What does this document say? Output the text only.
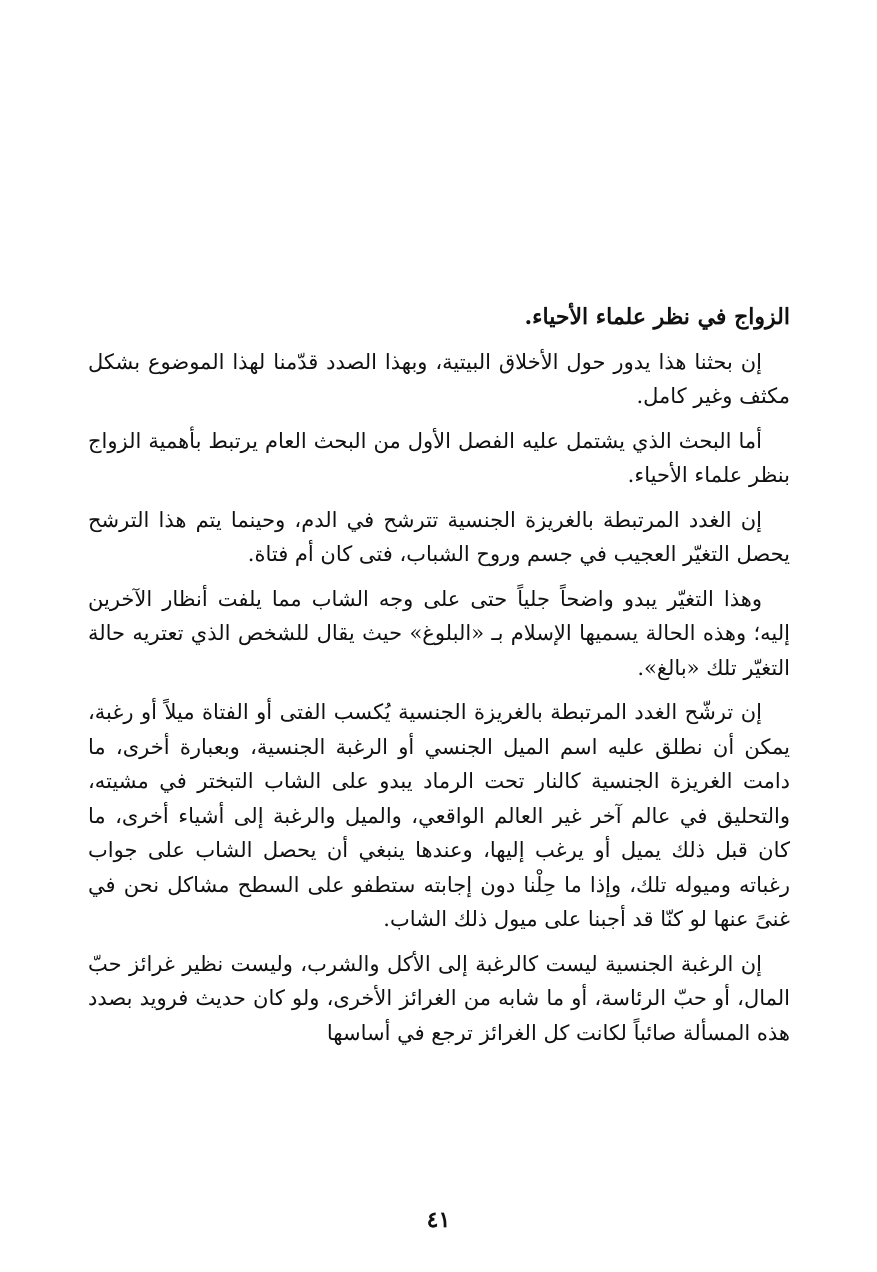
الزواج في نظر علماء الأحياء.

إن بحثنا هذا يدور حول الأخلاق البيتية، وبهذا الصدد قدّمنا لهذا الموضوع بشكل مكثف وغير كامل.

أما البحث الذي يشتمل عليه الفصل الأول من البحث العام يرتبط بأهمية الزواج بنظر علماء الأحياء.

إن الغدد المرتبطة بالغريزة الجنسية تترشح في الدم، وحينما يتم هذا الترشح يحصل التغيّر العجيب في جسم وروح الشباب، فتى كان أم فتاة.

وهذا التغيّر يبدو واضحاً جلياً حتى على وجه الشاب مما يلفت أنظار الآخرين إليه؛ وهذه الحالة يسميها الإسلام بـ «البلوغ» حيث يقال للشخص الذي تعتريه حالة التغيّر تلك «بالغ».

إن ترشّح الغدد المرتبطة بالغريزة الجنسية يُكسب الفتى أو الفتاة ميلاً أو رغبة، يمكن أن نطلق عليه اسم الميل الجنسي أو الرغبة الجنسية، وبعبارة أخرى، ما دامت الغريزة الجنسية كالنار تحت الرماد يبدو على الشاب التبختر في مشيته، والتحليق في عالم آخر غير العالم الواقعي، والميل والرغبة إلى أشياء أخرى، ما كان قبل ذلك يميل أو يرغب إليها، وعندها ينبغي أن يحصل الشاب على جواب رغباته وميوله تلك، وإذا ما حِلْنا دون إجابته ستطفو على السطح مشاكل نحن في غنىً عنها لو كنّا قد أجبنا على ميول ذلك الشاب.

إن الرغبة الجنسية ليست كالرغبة إلى الأكل والشرب، وليست نظير غرائز حبّ المال، أو حبّ الرئاسة، أو ما شابه من الغرائز الأخرى، ولو كان حديث فرويد بصدد هذه المسألة صائباً لكانت كل الغرائز ترجع في أساسها

٤١
